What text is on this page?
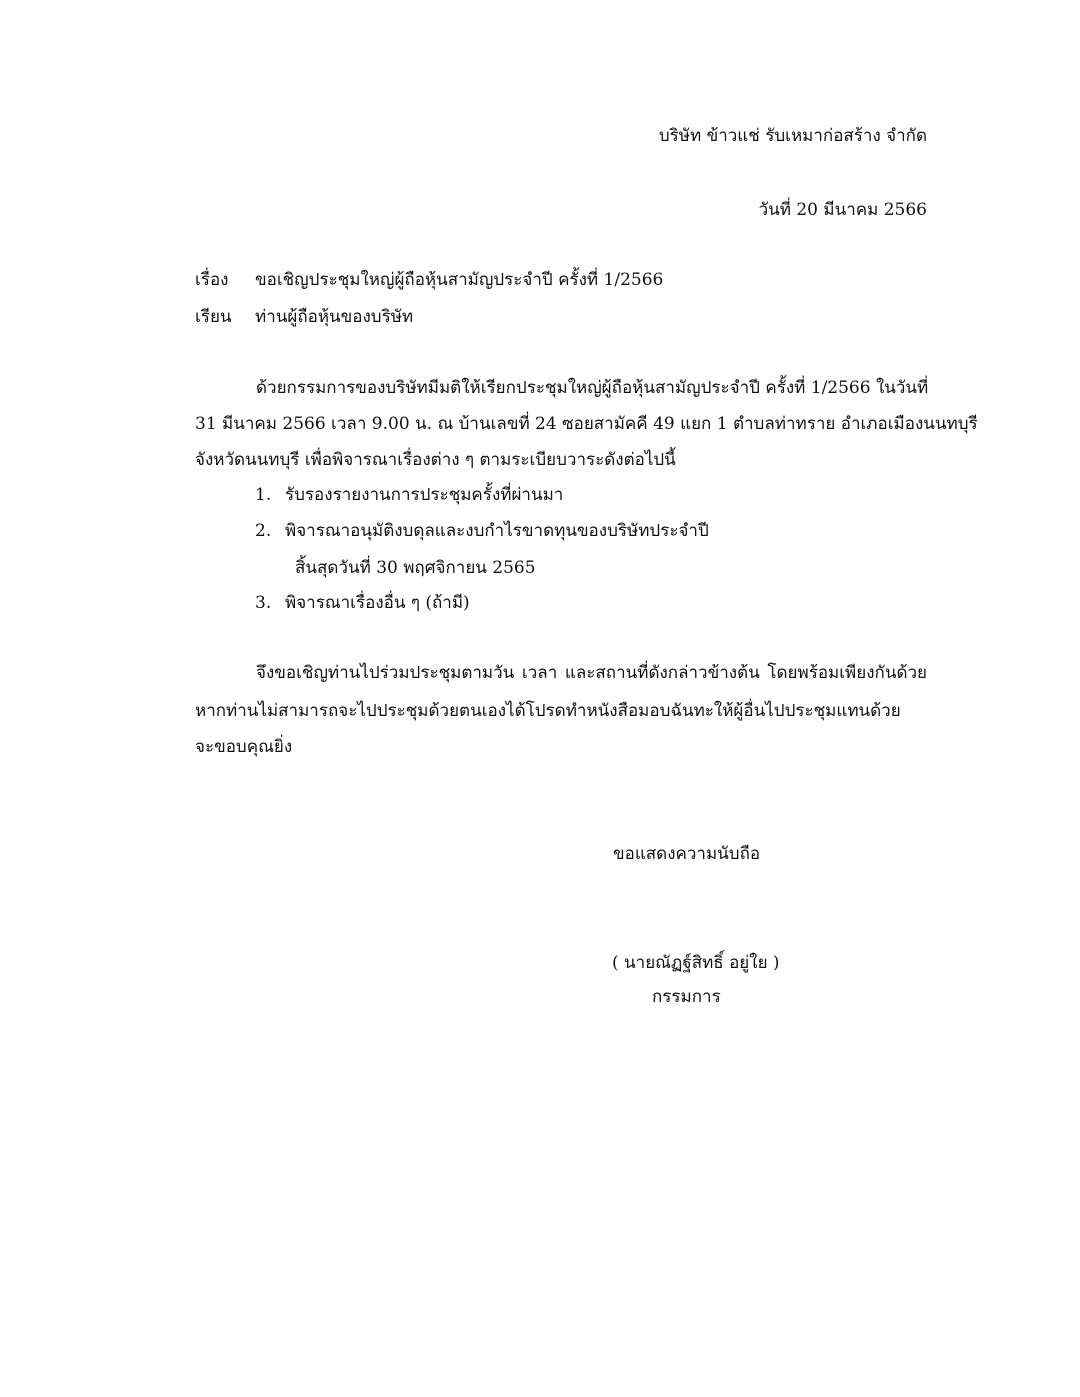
บริษัท ข้าวแช่ รับเหมาก่อสร้าง จำกัด
วันที่ 20 มีนาคม 2566
เรื่อง ขอเชิญประชุมใหญ่ผู้ถือหุ้นสามัญประจำปี ครั้งที่ 1/2566
เรียน ท่านผู้ถือหุ้นของบริษัท
ด้วยกรรมการของบริษัทมีมติให้เรียกประชุมใหญ่ผู้ถือหุ้นสามัญประจำปี ครั้งที่ 1/2566 ในวันที่
31 มีนาคม 2566 เวลา 9.00 น. ณ บ้านเลขที่ 24 ซอยสามัคคี 49 แยก 1 ตำบลท่าทราย อำเภอเมืองนนทบุรี
จังหวัดนนทบุรี เพื่อพิจารณาเรื่องต่าง ๆ ตามระเบียบวาระดังต่อไปนี้
1. รับรองรายงานการประชุมครั้งที่ผ่านมา
2. พิจารณาอนุมัติงบดุลและงบกำไรขาดทุนของบริษัทประจำปี
สิ้นสุดวันที่ 30 พฤศจิกายน 2565
3. พิจารณาเรื่องอื่น ๆ (ถ้ามี)
จึงขอเชิญท่านไปร่วมประชุมตามวัน เวลา และสถานที่ดังกล่าวข้างต้น โดยพร้อมเพียงกันด้วย
หากท่านไม่สามารถจะไปประชุมด้วยตนเองได้โปรดทำหนังสือมอบฉันทะให้ผู้อื่นไปประชุมแทนด้วย
จะขอบคุณยิ่ง
ขอแสดงความนับถือ
( นายณัฏฐ์สิทธิ์ อยู่ใย )
กรรมการ
